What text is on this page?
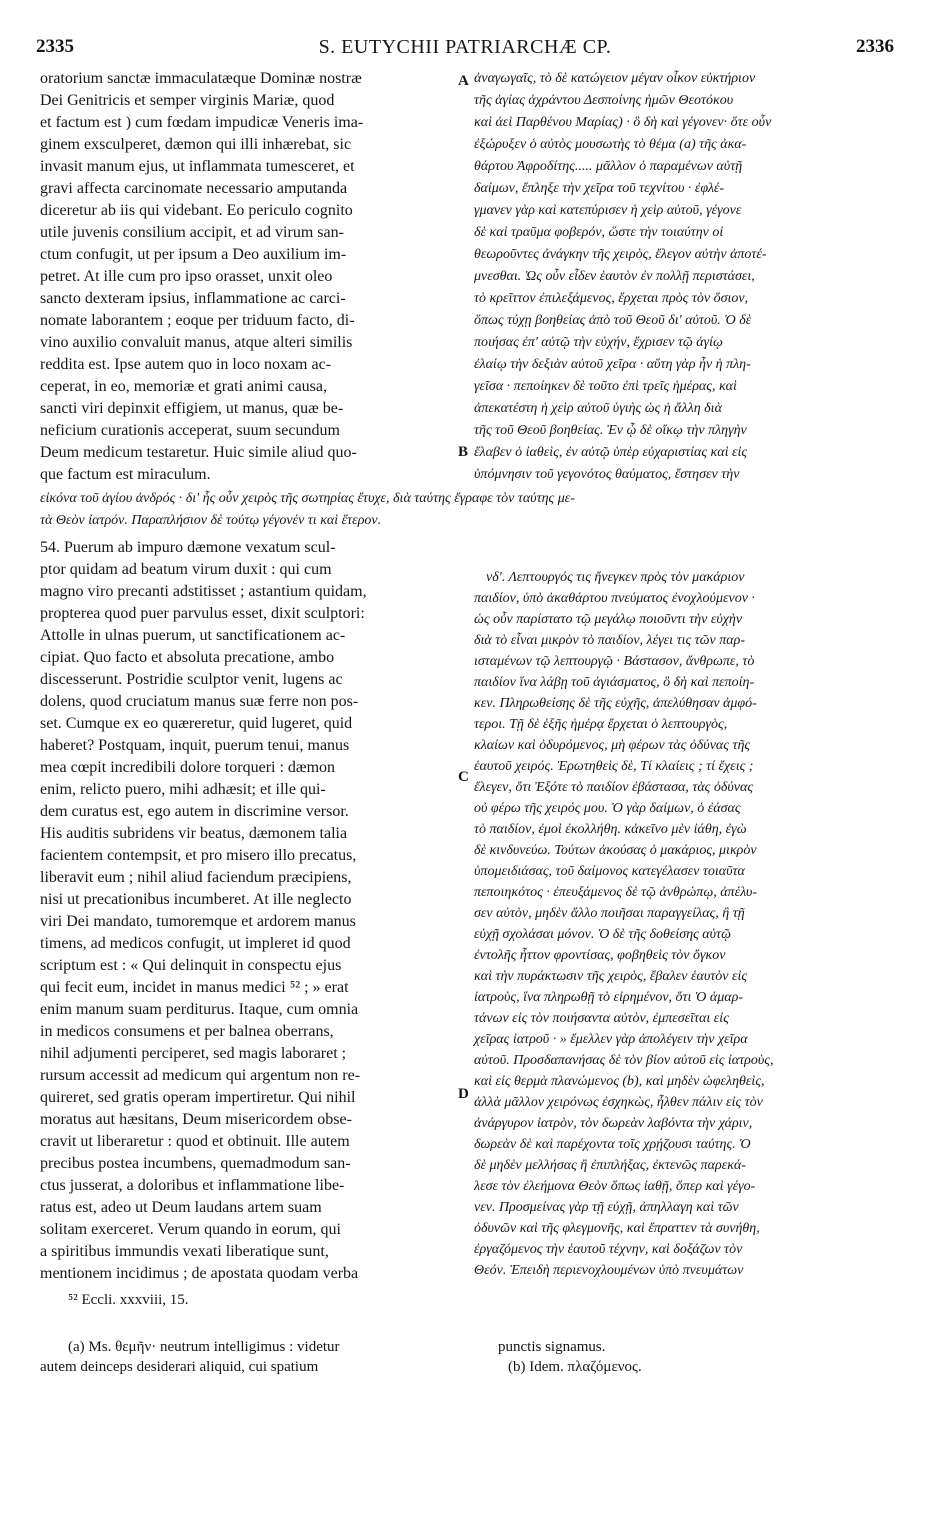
2335	S. EUTYCHII PATRIARCHÆ CP.	2336
A
B
C
D
oratorium sanctæ immaculatæque Dominæ nostræ
Dei Genitricis et semper virginis Mariæ, quod
et factum est ) cum fœdam impudicæ Veneris ima-
ginem exsculperet, dæmon qui illi inhærebat, sic
invasit manum ejus, ut inflammata tumesceret, et
gravi affecta carcinomate necessario amputanda
diceretur ab iis qui videbant. Eo periculo cognito
utile juvenis consilium accipit, et ad virum san-
ctum confugit, ut per ipsum a Deo auxilium im-
petret. At ille cum pro ipso orasset, unxit oleo
sancto dexteram ipsius, inflammatione ac carci-
nomate laborantem ; eoque per triduum facto, di-
vino auxilio convaluit manus, atque alteri similis
reddita est. Ipse autem quo in loco noxam ac-
ceperat, in eo, memoriæ et grati animi causa,
sancti viri depinxit effigiem, ut manus, quæ be-
neficium curationis acceperat, suum secundum
Deum medicum testaretur. Huic simile aliud quo-
que factum est miraculum.
ἀναγωγαῖς, τὸ δὲ κατώγειον μέγαν οἶκον εὐκτήριον
τῆς ἁγίας ἀχράντου Δεσποίνης ἡμῶν Θεοτόκου
καὶ ἀεὶ Παρθένου Μαρίας) · ὃ δὴ καὶ γέγονεν· ὅτε οὖν
ἐξώρυξεν ὁ αὐτὸς μουσωτὴς τὸ θέμα (a) τῆς ἀκα-
θάρτου Ἀφροδίτης..... μᾶλλον ὁ παραμένων αὐτῇ
δαίμων, ἔπληξε τὴν χεῖρα τοῦ τεχνίτου · ἐφλέ-
γμανεν γὰρ καὶ κατεπύρισεν ἡ χεὶρ αὐτοῦ, γέγονε
δὲ καὶ τραῦμα φοβερόν, ὥστε τὴν τοιαύτην οἱ
θεωροῦντες ἀνάγκην τῆς χειρὸς, ἔλεγον αὐτὴν ἀποτέ-
μνεσθαι. Ὡς οὖν εἶδεν ἑαυτὸν ἐν πολλῇ περιστάσει,
τὸ κρεῖττον ἐπιλεξάμενος, ἔρχεται πρὸς τὸν ὅσιον,
ὅπως τύχῃ βοηθείας ἀπὸ τοῦ Θεοῦ δι' αὐτοῦ. Ὁ δὲ
ποιήσας ἐπ' αὐτῷ τὴν εὐχήν, ἔχρισεν τῷ ἁγίῳ
ἐλαίῳ τὴν δεξιὰν αὐτοῦ χεῖρα · αὕτη γὰρ ἦν ἡ πλη-
γεῖσα · πεποίηκεν δὲ τοῦτο ἐπὶ τρεῖς ἡμέρας, καὶ
ἀπεκατέστη ἡ χεὶρ αὐτοῦ ὑγιὴς ὡς ἡ ἄλλη διὰ
τῆς τοῦ Θεοῦ βοηθείας. Ἐν ᾧ δὲ οἴκῳ τὴν πληγὴν
ἔλαβεν ὁ ἰαθεὶς, ἐν αὐτῷ ὑπὲρ εὐχαριστίας καὶ εἰς
ὑπόμνησιν τοῦ γεγονότος θαύματος, ἔστησεν τὴν
εἰκόνα τοῦ ἁγίου ἀνδρός · δι' ἧς οὖν χειρὸς τῆς σωτηρίας ἔτυχε, διὰ ταύτης ἔγραφε τὸν ταύτης με-
τὰ Θεὸν ἰατρόν. Παραπλήσιον δὲ τούτῳ γέγονέν τι καὶ ἕτερον.
54. Puerum ab impuro dæmone vexatum scul-
ptor quidam ad beatum virum duxit : qui cum
magno viro precanti adstitisset ; astantium quidam,
propterea quod puer parvulus esset, dixit sculptori:
Attolle in ulnas puerum, ut sanctificationem ac-
cipiat. Quo facto et absoluta precatione, ambo
discesserunt. Postridie sculptor venit, lugens ac
dolens, quod cruciatum manus suæ ferre non pos-
set. Cumque ex eo quæreretur, quid lugeret, quid
haberet? Postquam, inquit, puerum tenui, manus
mea cœpit incredibili dolore torqueri : dæmon
enim, relicto puero, mihi adhæsit; et ille qui-
dem curatus est, ego autem in discrimine versor.
His auditis subridens vir beatus, dæmonem talia
facientem contempsit, et pro misero illo precatus,
liberavit eum ; nihil aliud faciendum præcipiens,
nisi ut precationibus incumberet. At ille neglecto
viri Dei mandato, tumoremque et ardorem manus
timens, ad medicos confugit, ut impleret id quod
scriptum est : « Qui delinquit in conspectu ejus
qui fecit eum, incidet in manus medici ⁵² ; » erat
enim manum suam perditurus. Itaque, cum omnia
in medicos consumens et per balnea oberrans,
nihil adjumenti perciperet, sed magis laboraret ;
rursum accessit ad medicum qui argentum non re-
quireret, sed gratis operam impertiretur. Qui nihil
moratus aut hæsitans, Deum misericordem obse-
cravit ut liberaretur : quod et obtinuit. Ille autem
precibus postea incumbens, quemadmodum san-
ctus jusserat, a doloribus et inflammatione libe-
ratus est, adeo ut Deum laudans artem suam
solitam exerceret. Verum quando in eorum, qui
a spiritibus immundis vexati liberatique sunt,
mentionem incidimus ; de apostata quodam verba
νδ'. Λεπτουργός τις ἤνεγκεν πρὸς τὸν μακάριον
παιδίον, ὑπὸ ἀκαθάρτου πνεύματος ἐνοχλούμενον ·
ὡς οὖν παρίστατο τῷ μεγάλῳ ποιοῦντι τὴν εὐχὴν
διὰ τὸ εἶναι μικρὸν τὸ παιδίον, λέγει τις τῶν παρ-
ισταμένων τῷ λεπτουργῷ · Βάστασον, ἄνθρωπε, τὸ
παιδίον ἵνα λάβῃ τοῦ ἁγιάσματος, ὃ δὴ καὶ πεποίη-
κεν. Πληρωθείσης δὲ τῆς εὐχῆς, ἀπελύθησαν ἀμφό-
τεροι. Τῇ δὲ ἑξῆς ἡμέρᾳ ἔρχεται ὁ λεπτουργὸς,
κλαίων καὶ ὀδυρόμενος, μὴ φέρων τὰς ὀδύνας τῆς
ἑαυτοῦ χειρός. Ἐρωτηθεὶς δὲ, Τί κλαίεις ; τί ἔχεις ;
ἔλεγεν, ὅτι Ἐξότε τὸ παιδίον ἐβάστασα, τὰς ὀδύνας
οὐ φέρω τῆς χειρός μου. Ὁ γὰρ δαίμων, ὁ ἐάσας
τὸ παιδίον, ἐμοὶ ἐκολλήθη. κἀκεῖνο μὲν ἰάθη, ἐγὼ
δὲ κινδυνεύω. Τούτων ἀκούσας ὁ μακάριος, μικρὸν
ὑπομειδιάσας, τοῦ δαίμονος κατεγέλασεν τοιαῦτα
πεποιηκότος · ἐπευξάμενος δὲ τῷ ἀνθρώπῳ, ἀπέλυ-
σεν αὐτὸν, μηδὲν ἄλλο ποιῆσαι παραγγείλας, ἢ τῇ
εὐχῇ σχολάσαι μόνον. Ὁ δὲ τῆς δοθείσης αὐτῷ
ἐντολῆς ἧττον φροντίσας, φοβηθεὶς τὸν ὄγκον
καὶ τὴν πυράκτωσιν τῆς χειρὸς, ἔβαλεν ἑαυτὸν εἰς
ἰατροὺς, ἵνα πληρωθῇ τὸ εἰρημένον, ὅτι Ὁ ἁμαρ-
τάνων εἰς τὸν ποιήσαντα αὐτὸν, ἐμπεσεῖται εἰς
χεῖρας ἰατροῦ · » ἔμελλεν γὰρ ἀπολέγειν τὴν χεῖρα
αὐτοῦ. Προσδαπανήσας δὲ τὸν βίον αὐτοῦ εἰς ἰατροὺς,
καὶ εἰς θερμὰ πλανώμενος (b), καὶ μηδὲν ὠφεληθεὶς,
ἀλλὰ μᾶλλον χειρόνως ἐσχηκὼς, ἦλθεν πάλιν εἰς τὸν
ἀνάργυρον ἰατρὸν, τὸν δωρεὰν λαβόντα τὴν χάριν,
δωρεὰν δὲ καὶ παρέχοντα τοῖς χρῄζουσι ταύτης. Ὁ
δὲ μηδὲν μελλήσας ἢ ἐπιπλήξας, ἐκτενῶς παρεκά-
λεσε τὸν ἐλεήμονα Θεὸν ὅπως ἰαθῇ, ὅπερ καὶ γέγο-
νεν. Προσμείνας γὰρ τῇ εὐχῇ, ἀπηλλαγη καὶ τῶν
ὀδυνῶν καὶ τῆς φλεγμονῆς, καὶ ἔπραττεν τὰ συνήθη,
ἐργαζόμενος τὴν ἑαυτοῦ τέχνην, καὶ δοξάζων τὸν
Θεόν. Ἐπειδὴ περιενοχλουμένων ὑπὸ πνευμάτων
⁵² Eccli. xxxviii, 15.
(a) Ms. θεμῆν· neutrum intelligimus : videtur
autem deinceps desiderari aliquid, cui spatium
punctis signamus.
(b) Idem. πλαζόμενος.
